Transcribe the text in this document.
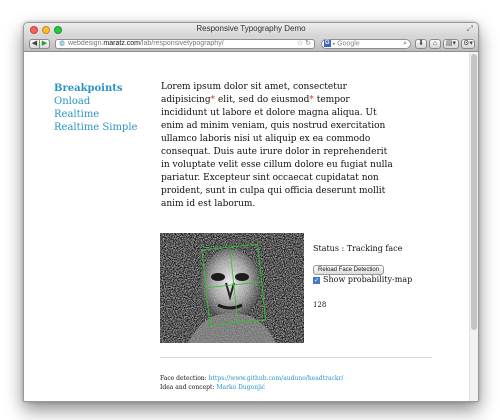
Responsive Typography Demo	⤢
◀ ▶	◍ webdesign.maratz.com/lab/responsivetypography/	☆ ↻	G ▾ Google	⌕	⬇	⌂	▤▾	⚙▾
Breakpoints
Onload
Realtime
Realtime Simple
Lorem ipsum dolor sit amet, consectetur adipisicing* elit, sed do eiusmod* tempor incididunt ut labore et dolore magna aliqua. Ut enim ad minim veniam, quis nostrud exercitation ullamco laboris nisi ut aliquip ex ea commodo consequat. Duis aute irure dolor in reprehenderit in voluptate velit esse cillum dolore eu fugiat nulla pariatur. Excepteur sint occaecat cupidatat non proident, sunt in culpa qui officia deserunt mollit anim id est laborum.
Status : Tracking face
Reload Face Detection
✓ Show probability-map
128
Face detection: https://www.github.com/auduno/headtrackr/
Idea and concept: Marko Dugonjić
